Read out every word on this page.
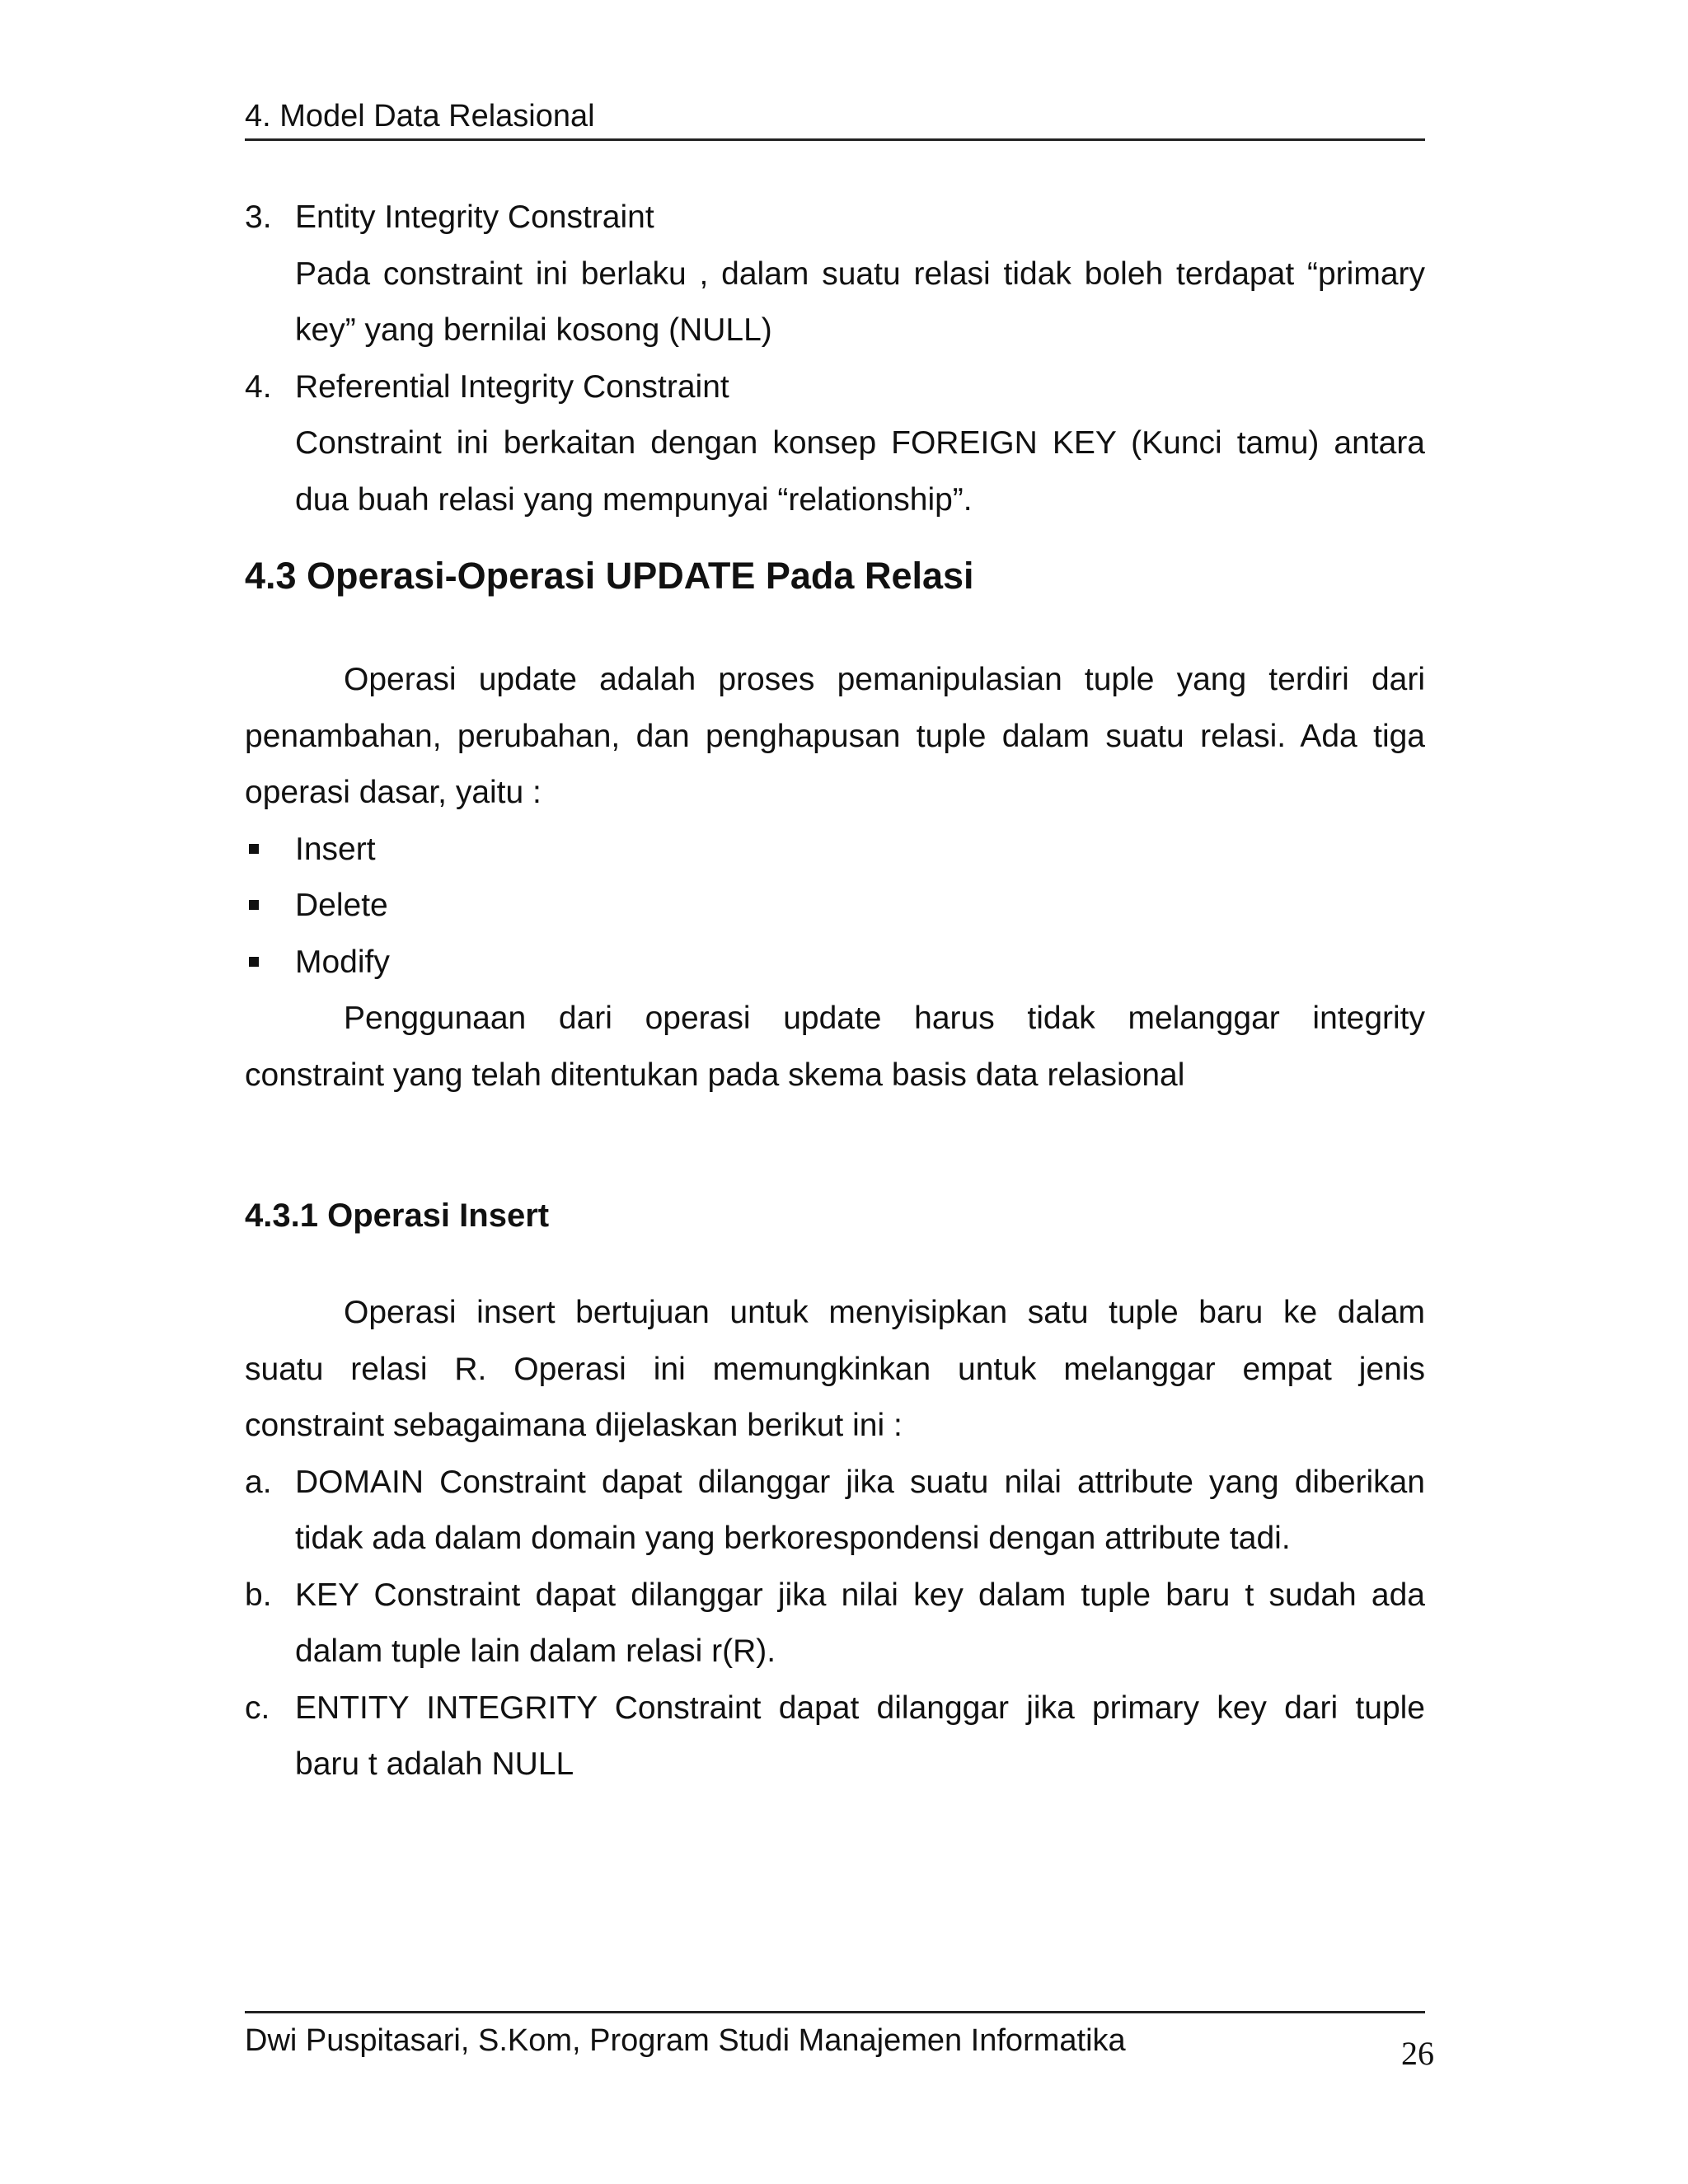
4. Model Data Relasional
3. Entity Integrity Constraint

Pada constraint ini berlaku , dalam suatu relasi tidak boleh terdapat “primary

key” yang bernilai kosong (NULL)

4. Referential Integrity Constraint

Constraint ini berkaitan dengan konsep FOREIGN KEY (Kunci tamu) antara

dua buah relasi yang mempunyai “relationship”.

4.3 Operasi-Operasi UPDATE Pada Relasi

Operasi update adalah proses pemanipulasian tuple yang terdiri dari

penambahan, perubahan, dan penghapusan tuple dalam suatu relasi. Ada tiga

operasi dasar, yaitu :

Insert
Delete
Modify

Penggunaan dari operasi update harus tidak melanggar integrity

constraint yang telah ditentukan pada skema basis data relasional

4.3.1 Operasi Insert

Operasi insert bertujuan untuk menyisipkan satu tuple baru ke dalam

suatu relasi R. Operasi ini memungkinkan untuk melanggar empat jenis

constraint sebagaimana dijelaskan berikut ini :

a. DOMAIN Constraint dapat dilanggar jika suatu nilai attribute yang diberikan

tidak ada dalam domain yang berkorespondensi dengan attribute tadi.

b. KEY Constraint dapat dilanggar jika nilai key dalam tuple baru t sudah ada

dalam tuple lain dalam relasi r(R).

c. ENTITY INTEGRITY Constraint dapat dilanggar jika primary key dari tuple

baru t adalah NULL

Dwi Puspitasari, S.Kom, Program Studi Manajemen Informatika	26
